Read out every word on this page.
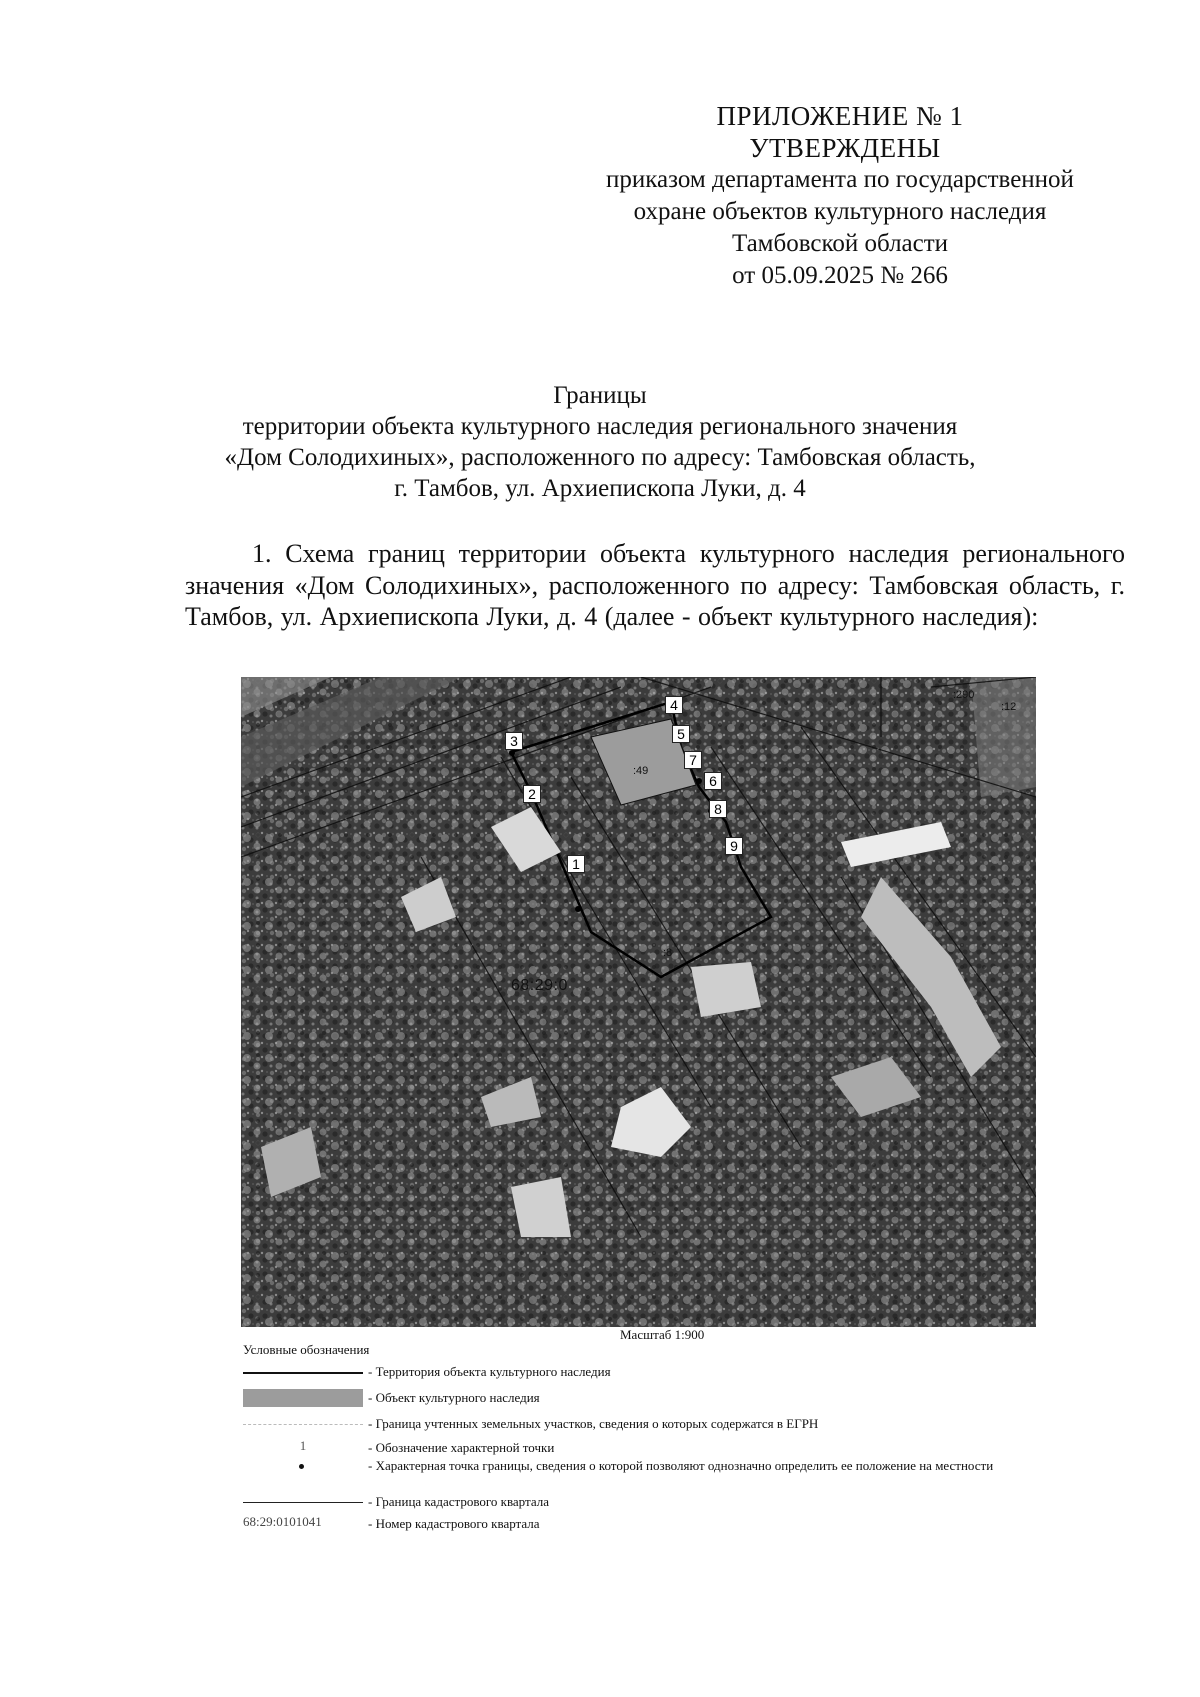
ПРИЛОЖЕНИЕ № 1
УТВЕРЖДЕНЫ
приказом департамента по государственной
охране объектов культурного наследия
Тамбовской области
от 05.09.2025 № 266
Границы
территории объекта культурного наследия регионального значения
«Дом Солодихиных», расположенного по адресу: Тамбовская область,
г. Тамбов, ул. Архиепископа Луки, д. 4
1. Схема границ территории объекта культурного наследия регионального значения «Дом Солодихиных», расположенного по адресу: Тамбовская область, г. Тамбов, ул. Архиепископа Луки, д. 4 (далее - объект культурного наследия):
1
2
3
4
5
6
7
8
9
:49
:8
:290
:12
68:29:0
Масштаб 1:900
Условные обозначения
- Территория объекта культурного наследия
- Объект культурного наследия
- Граница учтенных земельных участков, сведения о которых содержатся в ЕГРН
1	- Обозначение характерной точки
- Характерная точка границы, сведения о которой позволяют однозначно определить ее положение на местности
- Граница кадастрового квартала
68:29:0101041	- Номер кадастрового квартала
